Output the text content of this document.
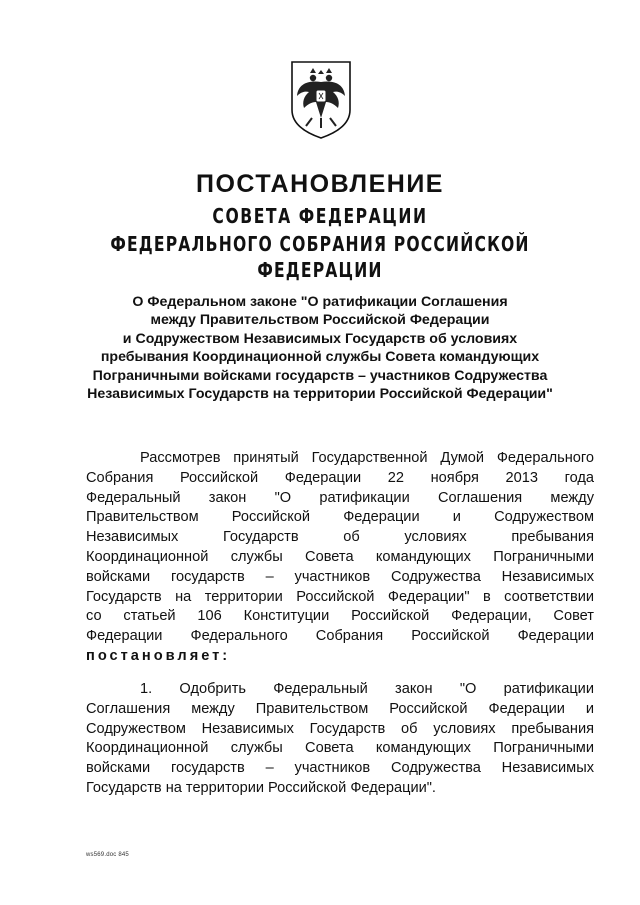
ПОСТАНОВЛЕНИЕ
СОВЕТА ФЕДЕРАЦИИ
ФЕДЕРАЛЬНОГО СОБРАНИЯ РОССИЙСКОЙ ФЕДЕРАЦИИ
О Федеральном законе "О ратификации Соглашения
между Правительством Российской Федерации
и Содружеством Независимых Государств об условиях
пребывания Координационной службы Совета командующих
Пограничными войсками государств – участников Содружества
Независимых Государств на территории Российской Федерации"
Рассмотрев принятый Государственной Думой Федерального
Собрания Российской Федерации 22 ноября 2013 года
Федеральный закон "О ратификации Соглашения между
Правительством Российской Федерации и Содружеством
Независимых Государств об условиях пребывания
Координационной службы Совета командующих Пограничными
войсками государств – участников Содружества Независимых
Государств на территории Российской Федерации" в соответствии
со статьей 106 Конституции Российской Федерации, Совет
Федерации Федерального Собрания Российской Федерации
постановляет:
1. Одобрить Федеральный закон "О ратификации
Соглашения между Правительством Российской Федерации и
Содружеством Независимых Государств об условиях пребывания
Координационной службы Совета командующих Пограничными
войсками государств – участников Содружества Независимых
Государств на территории Российской Федерации".
ws569.doc 845
